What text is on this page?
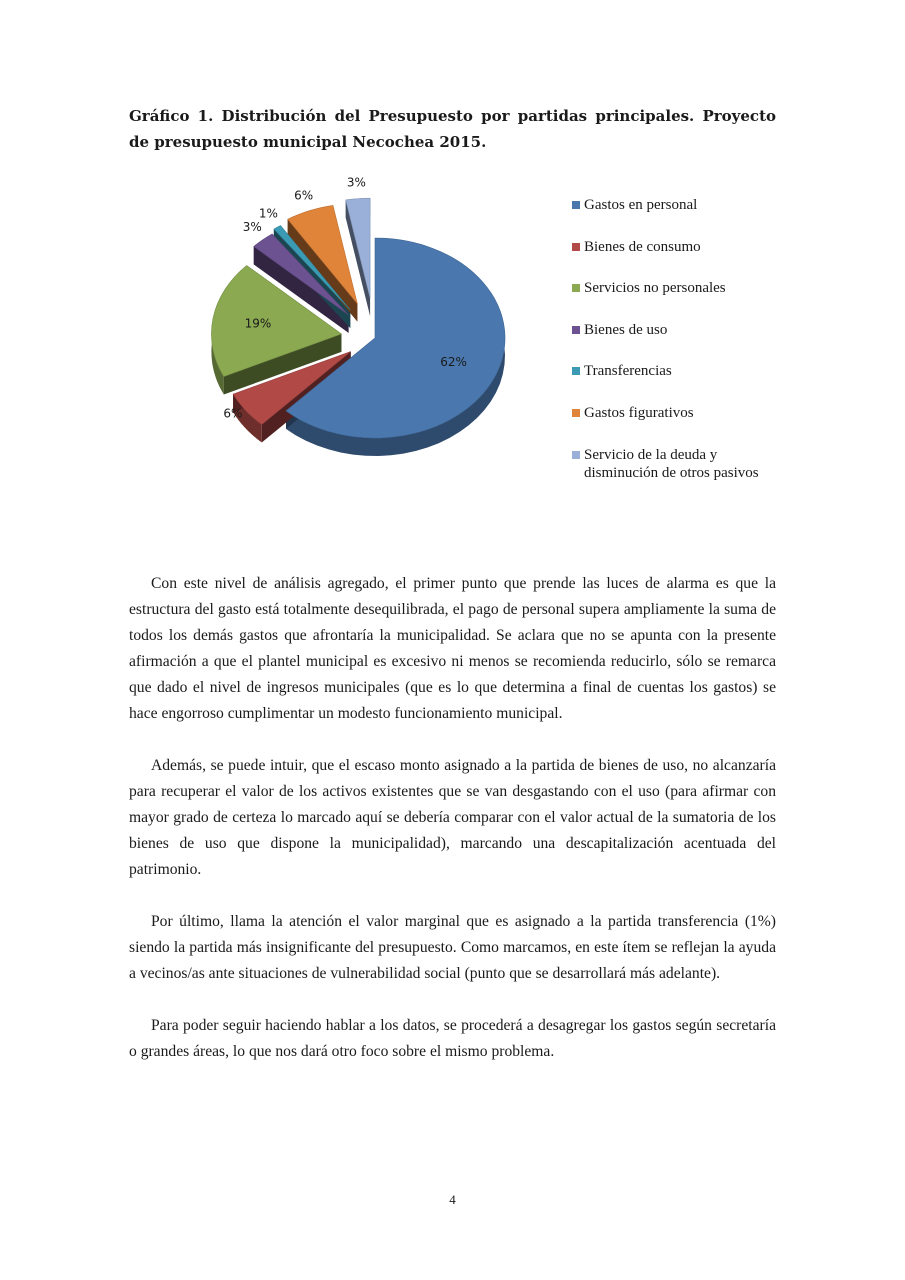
Gráfico 1. Distribución del Presupuesto por partidas principales. Proyecto de presupuesto municipal Necochea 2015.

62%
6%
19%
3%
1%
6%
3%
Gastos en personal
Bienes de consumo
Servicios no personales
Bienes de uso
Transferencias
Gastos figurativos
Servicio de la deuda y disminución de otros pasivos

Con este nivel de análisis agregado, el primer punto que prende las luces de alarma es que la estructura del gasto está totalmente desequilibrada, el pago de personal supera ampliamente la suma de todos los demás gastos que afrontaría la municipalidad. Se aclara que no se apunta con la presente afirmación a que el plantel municipal es excesivo ni menos se recomienda reducirlo, sólo se remarca que dado el nivel de ingresos municipales (que es lo que determina a final de cuentas los gastos) se hace engorroso cumplimentar un modesto funcionamiento municipal.

Además, se puede intuir, que el escaso monto asignado a la partida de bienes de uso, no alcanzaría para recuperar el valor de los activos existentes que se van desgastando con el uso (para afirmar con mayor grado de certeza lo marcado aquí se debería comparar con el valor actual de la sumatoria de los bienes de uso que dispone la municipalidad), marcando una descapitalización acentuada del patrimonio.

Por último, llama la atención el valor marginal que es asignado a la partida transferencia (1%) siendo la partida más insignificante del presupuesto. Como marcamos, en este ítem se reflejan la ayuda a vecinos/as ante situaciones de vulnerabilidad social (punto que se desarrollará más adelante).

Para poder seguir haciendo hablar a los datos, se procederá a desagregar los gastos según secretaría o grandes áreas, lo que nos dará otro foco sobre el mismo problema.

4
